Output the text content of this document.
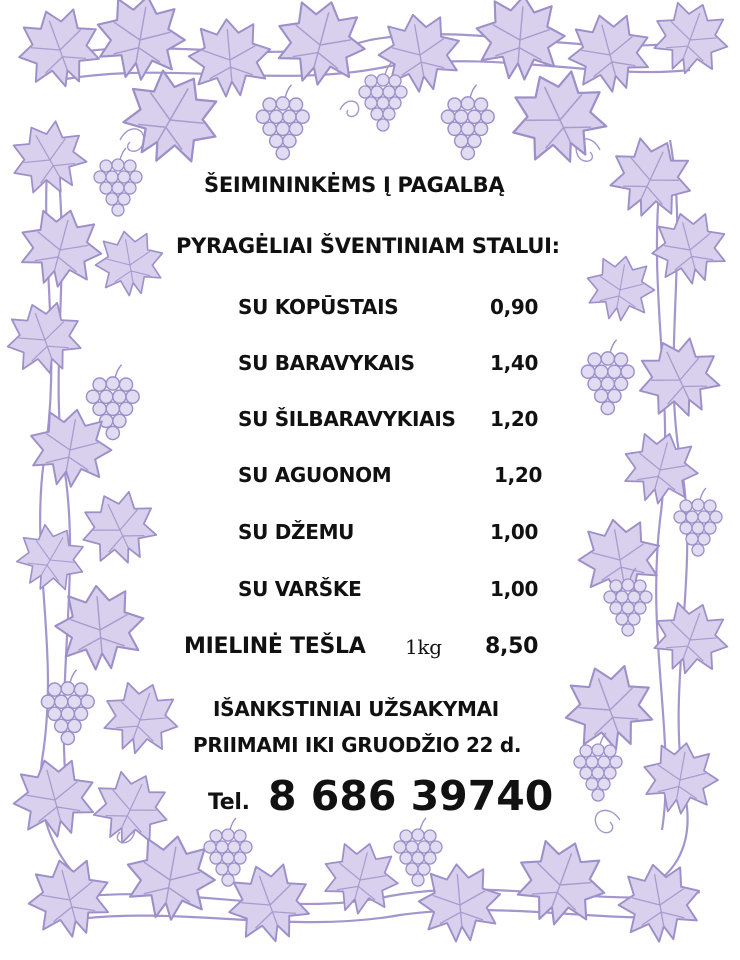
ŠEIMININKĖMS Į PAGALBĄ
PYRAGĖLIAI ŠVENTINIAM STALUI:
SU KOPŪSTAIS	0,90
SU BARAVYKAIS	1,40
SU ŠILBARAVYKIAIS 1,20
SU AGUONOM	1,20
SU DŽEMU	1,00
SU VARŠKE	1,00
MIELINĖ TEŠLA 1kg 8,50
IŠANKSTINIAI UŽSAKYMAI
PRIIMAMI IKI GRUODŽIO 22 d.
Tel. 8 686 39740
